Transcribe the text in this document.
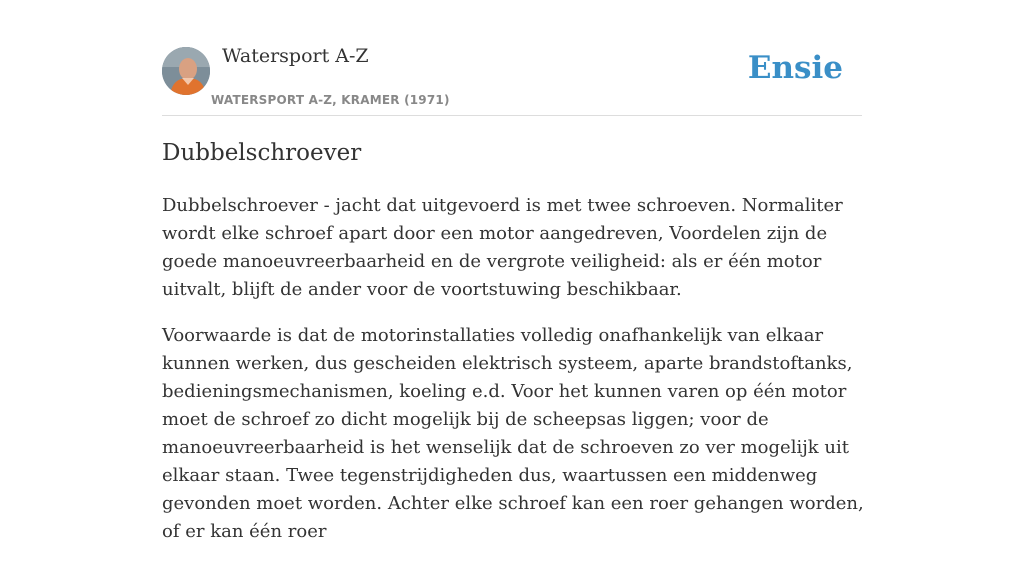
Watersport A-Z
WATERSPORT A-Z, KRAMER (1971)
Ensie
Dubbelschroever

Dubbelschroever - jacht dat uitgevoerd is met twee schroeven. Normaliter wordt elke schroef apart door een motor aangedreven, Voordelen zijn de goede manoeuvreerbaarheid en de vergrote veiligheid: als er één motor uitvalt, blijft de ander voor de voortstuwing beschikbaar.

Voorwaarde is dat de motorinstallaties volledig onafhankelijk van elkaar kunnen werken, dus gescheiden elektrisch systeem, aparte brandstoftanks, bedieningsmechanismen, koeling e.d. Voor het kunnen varen op één motor moet de schroef zo dicht mogelijk bij de scheepsas liggen; voor de manoeuvreerbaarheid is het wenselijk dat de schroeven zo ver mogelijk uit elkaar staan. Twee tegenstrijdigheden dus, waartussen een middenweg gevonden moet worden. Achter elke schroef kan een roer gehangen worden, of er kan één roer
